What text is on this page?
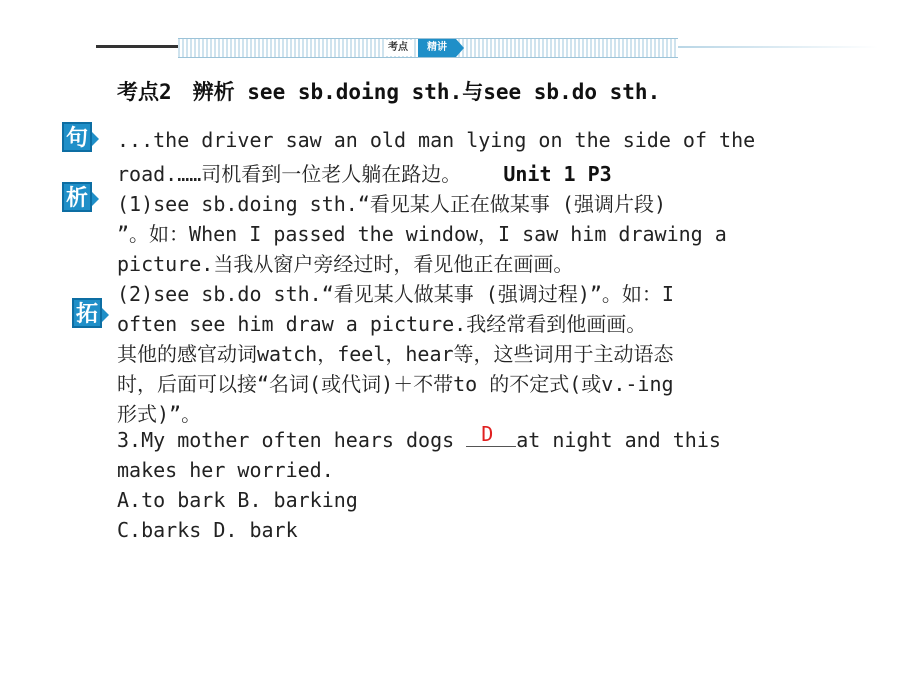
考点	精讲
句
析
拓
考点2　辨析 see sb.doing sth.与see sb.do sth.
...the driver saw an old man lying on the side of the
road.……司机看到一位老人躺在路边。 Unit 1 P3
(1)see sb.doing sth.“看见某人正在做某事 (强调片段)
”。如：When I passed the window，I saw him drawing a
picture.当我从窗户旁经过时，看见他正在画画。
(2)see sb.do sth.“看见某人做某事 (强调过程)”。如：I
often see him draw a picture.我经常看到他画画。
其他的感官动词watch，feel，hear等，这些词用于主动语态
时，后面可以接“名词(或代词)＋不带to 的不定式(或v.-ing
形式)”。
3.My mother often hears dogs D at night and this
makes her worried.
A.to bark B. barking
C.barks D. bark
